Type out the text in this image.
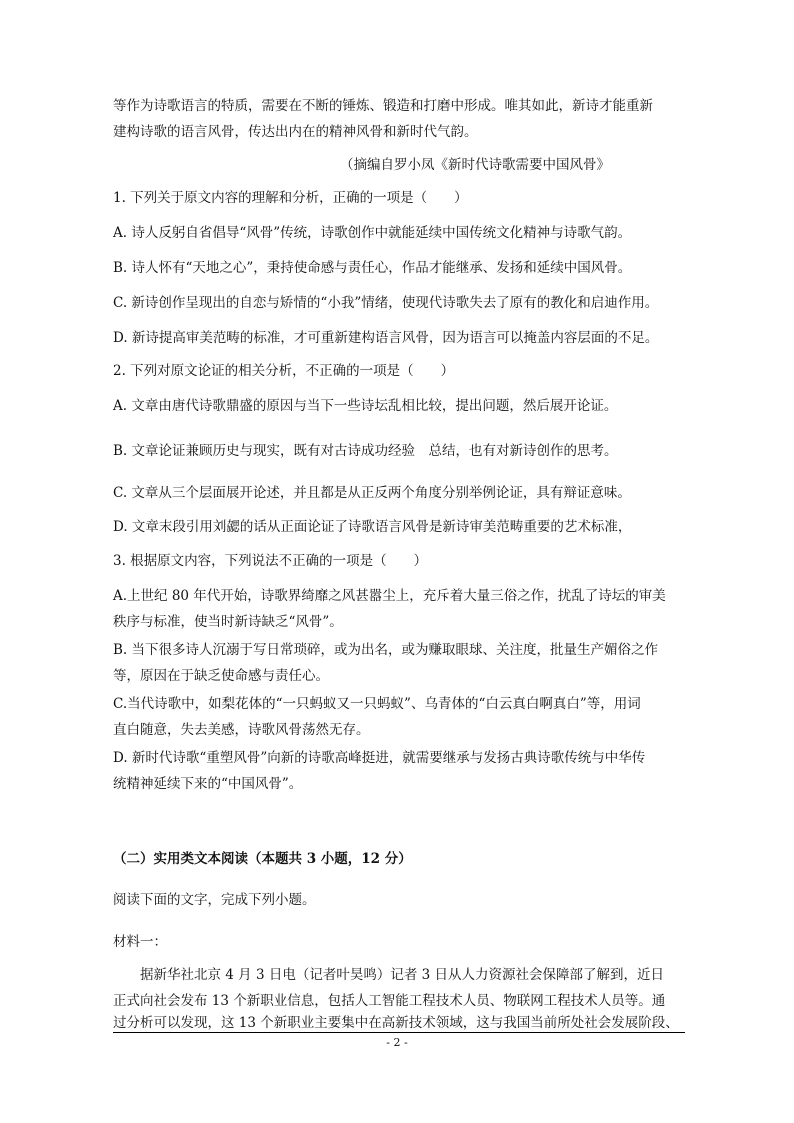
等作为诗歌语言的特质，需要在不断的锤炼、锻造和打磨中形成。唯其如此，新诗才能重新
建构诗歌的语言风骨，传达出内在的精神风骨和新时代气韵。
（摘编自罗小凤《新时代诗歌需要中国风骨》
1. 下列关于原文内容的理解和分析，正确的一项是（　　）
A. 诗人反躬自省倡导“风骨”传统，诗歌创作中就能延续中国传统文化精神与诗歌气韵。
B. 诗人怀有“天地之心”，秉持使命感与责任心，作品才能继承、发扬和延续中国风骨。
C. 新诗创作呈现出的自恋与矫情的“小我”情绪，使现代诗歌失去了原有的教化和启迪作用。
D. 新诗提高审美范畴的标准，才可重新建构语言风骨，因为语言可以掩盖内容层面的不足。
2. 下列对原文论证的相关分析，不正确的一项是（　　）
A. 文章由唐代诗歌鼎盛的原因与当下一些诗坛乱相比较，提出问题，然后展开论证。
B. 文章论证兼顾历史与现实，既有对古诗成功经验　总结，也有对新诗创作的思考。
C. 文章从三个层面展开论述，并且都是从正反两个角度分别举例论证，具有辩证意味。
D. 文章末段引用刘勰的话从正面论证了诗歌语言风骨是新诗审美范畴重要的艺术标准，
3. 根据原文内容，下列说法不正确的一项是（　　）
A.上世纪 80 年代开始，诗歌界绮靡之风甚嚣尘上，充斥着大量三俗之作，扰乱了诗坛的审美
秩序与标准，使当时新诗缺乏“风骨”。
B. 当下很多诗人沉溺于写日常琐碎，或为出名，或为赚取眼球、关注度，批量生产媚俗之作
等，原因在于缺乏使命感与责任心。
C.当代诗歌中，如梨花体的“一只蚂蚁又一只蚂蚁”、乌青体的“白云真白啊真白”等，用词
直白随意，失去美感，诗歌风骨荡然无存。
D. 新时代诗歌“重塑风骨”向新的诗歌高峰挺进，就需要继承与发扬古典诗歌传统与中华传
统精神延续下来的“中国风骨”。
（二）实用类文本阅读（本题共 3 小题，12 分）
阅读下面的文字，完成下列小题。
材料一：
据新华社北京 4 月 3 日电（记者叶昊鸣）记者 3 日从人力资源社会保障部了解到，近日
正式向社会发布 13 个新职业信息，包括人工智能工程技术人员、物联网工程技术人员等。通
过分析可以发现，这 13 个新职业主要集中在高新技术领域，这与我国当前所处社会发展阶段、
- 2 -
